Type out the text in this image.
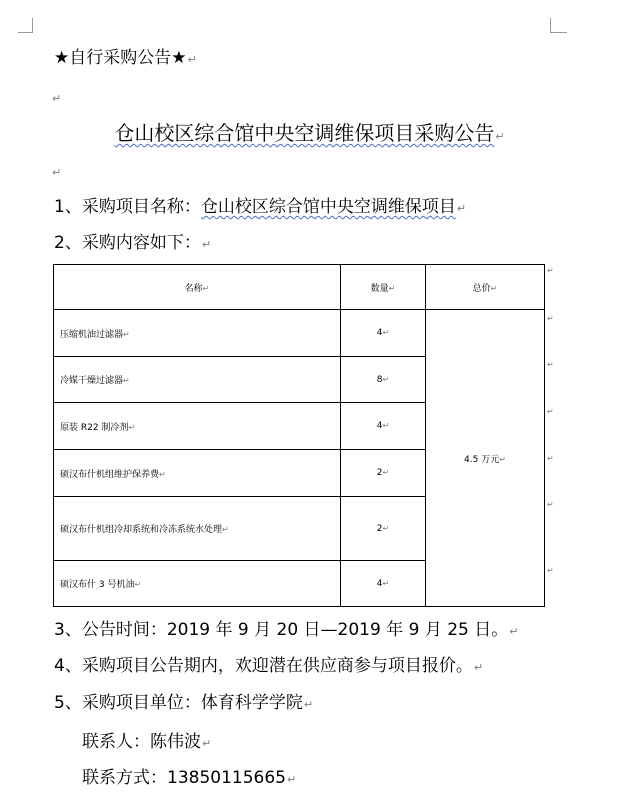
★自行采购公告★↵
↵
仓山校区综合馆中央空调维保项目采购公告↵
↵
1、采购项目名称：仓山校区综合馆中央空调维保项目↵
2、采购内容如下：↵
名称↵	数量↵	总价↵
压缩机油过滤器↵	4↵	4.5 万元↵
冷媒干燥过滤器↵	8↵	
原装 R22 制冷剂↵	4↵	
硕汉布什机组维护保养费↵	2↵	
硕汉布什机组冷却系统和冷冻系统水处理↵	2↵	
硕汉布什 3 号机油↵	4↵	
↵
↵
↵
↵
↵
↵
↵
3、公告时间：2019 年 9 月 20 日—2019 年 9 月 25 日。↵
4、采购项目公告期内，欢迎潜在供应商参与项目报价。↵
5、采购项目单位：体育科学学院↵
联系人：陈伟波↵
联系方式：13850115665↵
